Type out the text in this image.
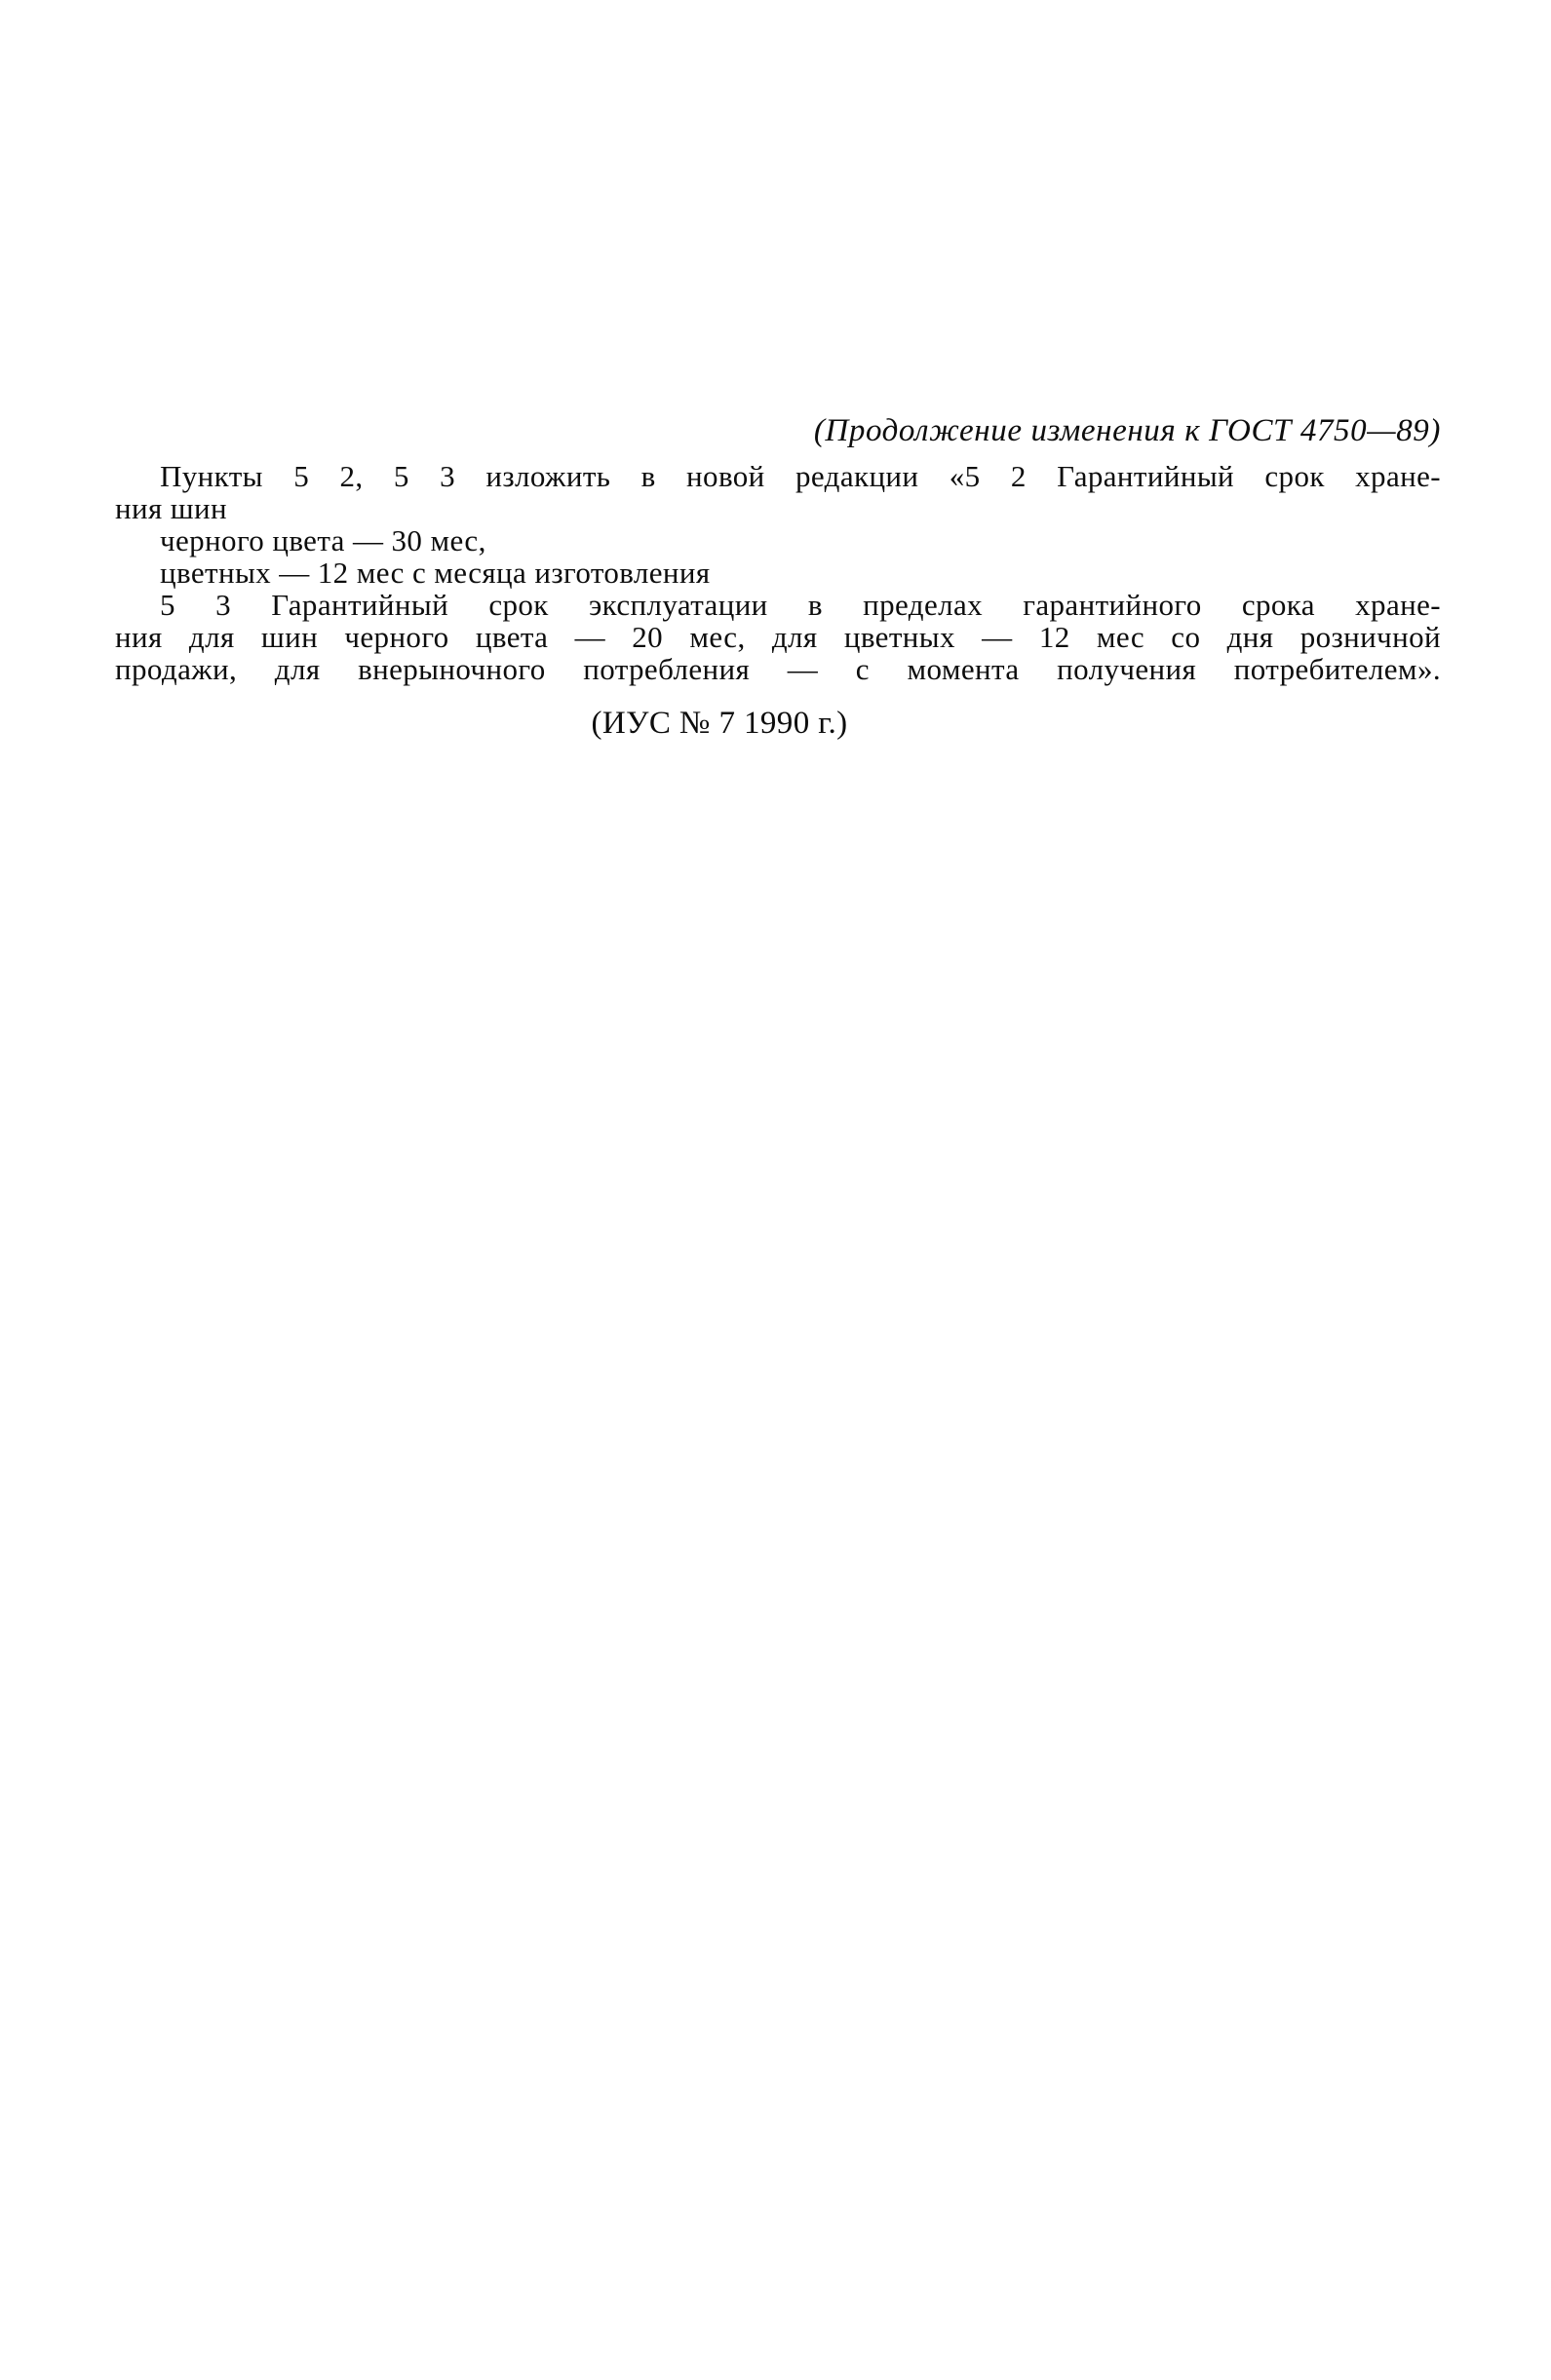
(Продолжение изменения к ГОСТ 4750—89)
Пункты 5 2, 5 3 изложить в новой редакции «5 2 Гарантийный срок хране-
ния шин
черного цвета — 30 мес,
цветных — 12 мес с месяца изготовления
5 3 Гарантийный срок эксплуатации в пределах гарантийного срока хране-
ния для шин черного цвета — 20 мес, для цветных — 12 мес со дня розничной
продажи, для внерыночного потребления — с момента получения потребителем».
(ИУС № 7 1990 г.)
